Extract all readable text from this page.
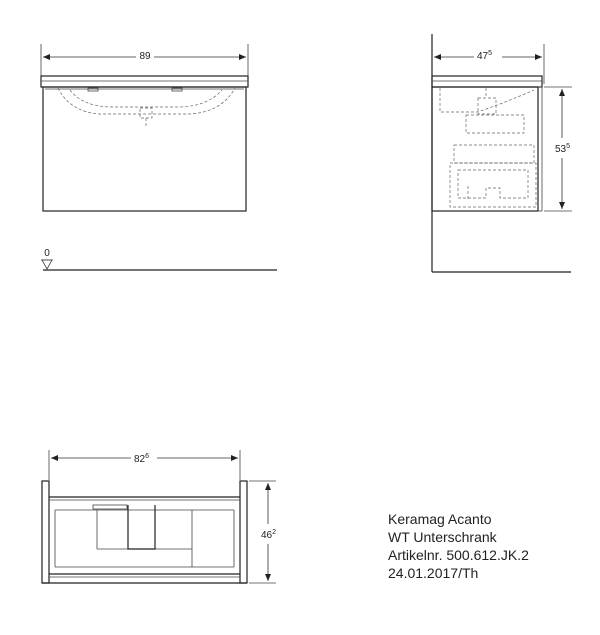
89
0
$47^5$
$53^5$
$82^6$
$46^2$
Keramag Acanto
WT Unterschrank
Artikelnr. 500.612.JK.2
24.01.2017/Th
